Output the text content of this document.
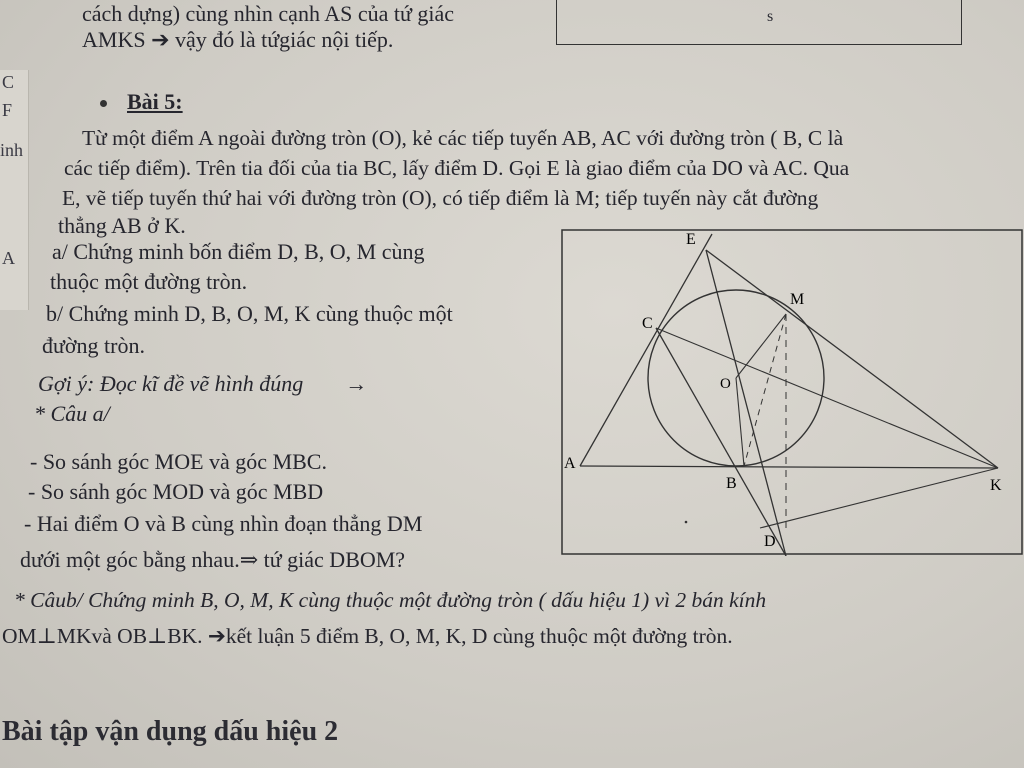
cách dựng) cùng nhìn cạnh AS của tứ giác
AMKS ➔ vậy đó là tứgiác nội tiếp.
s
C
F
inh
A
Bài 5:
Từ một điểm A ngoài đường tròn (O), kẻ các tiếp tuyến AB, AC với đường tròn ( B, C là
các tiếp điểm). Trên tia đối của tia BC, lấy điểm D. Gọi E là giao điểm của DO và AC. Qua
E, vẽ tiếp tuyến thứ hai với đường tròn (O), có tiếp điểm là M; tiếp tuyến này cắt đường
thẳng AB ở K.
a/ Chứng minh bốn điểm D, B, O, M cùng
thuộc một đường tròn.
b/ Chứng minh D, B, O, M, K cùng thuộc một
đường tròn.
Gợi ý: Đọc kĩ đề vẽ hình đúng →
* Câu a/
- So sánh góc MOE và góc MBC.
- So sánh góc MOD và góc MBD
- Hai điểm O và B cùng nhìn đoạn thẳng DM
dưới một góc bằng nhau.⇒ tứ giác DBOM?
* Câub/ Chứng minh B, O, M, K cùng thuộc một đường tròn ( dấu hiệu 1) vì 2 bán kính
OM⊥MKvà OB⊥BK. ➔kết luận 5 điểm B, O, M, K, D cùng thuộc một đường tròn.
Bài tập vận dụng dấu hiệu 2
E
M
C
O
A
B	K
D
